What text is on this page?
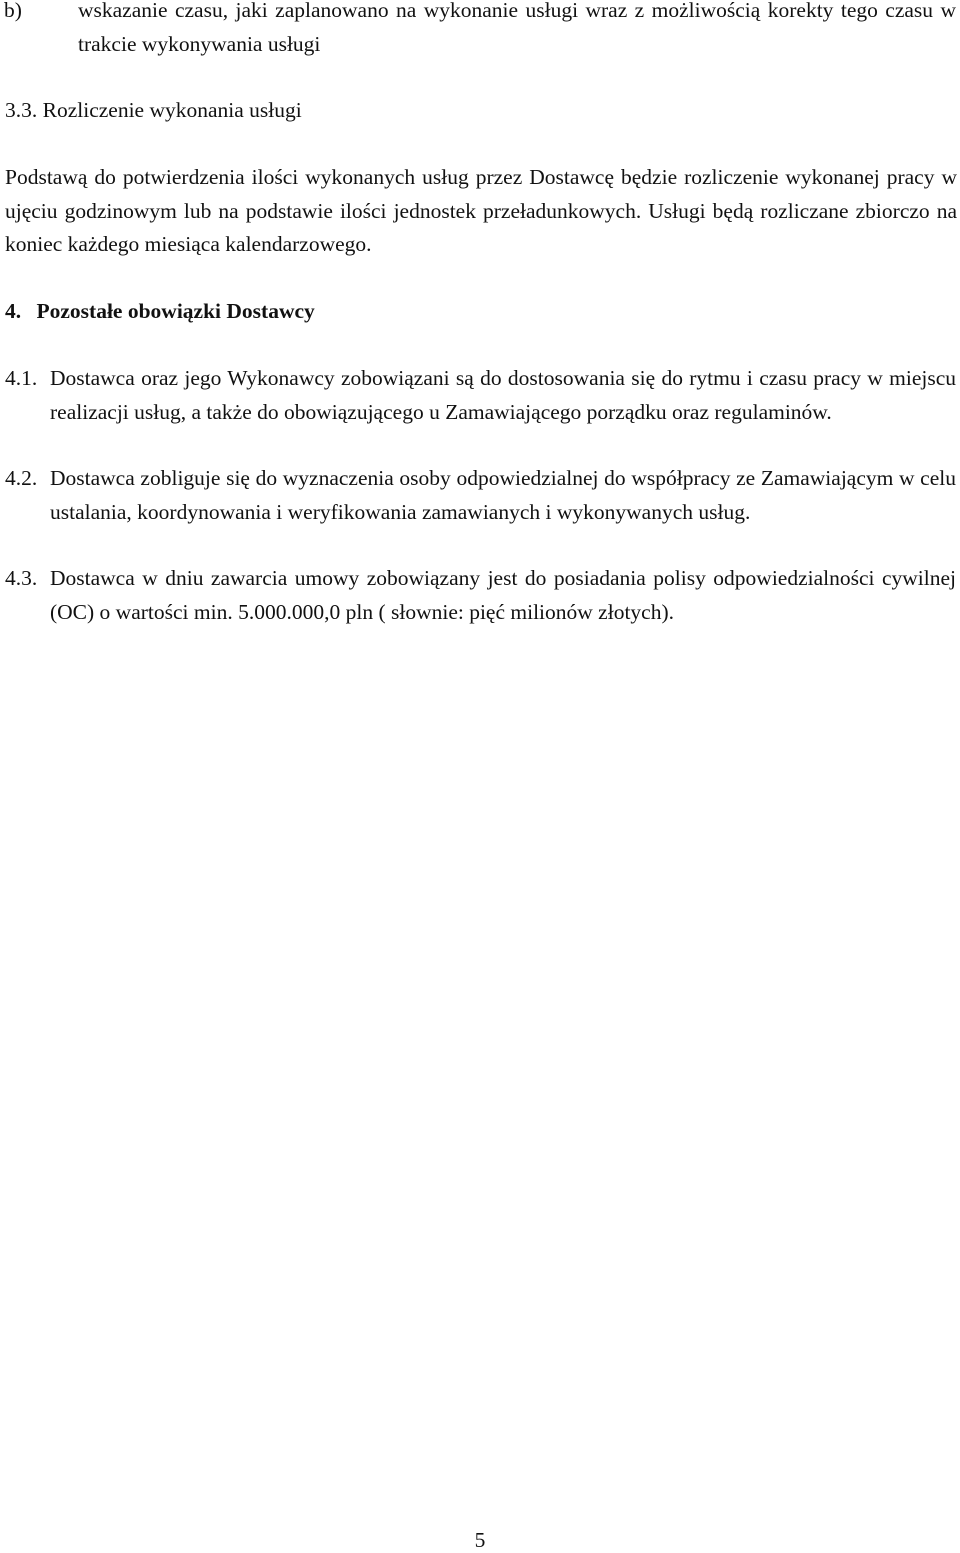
b)	wskazanie czasu, jaki zaplanowano na wykonanie usługi wraz z możliwością korekty tego czasu w trakcie wykonywania usługi
3.3. Rozliczenie wykonania usługi
Podstawą do potwierdzenia ilości wykonanych usług przez Dostawcę będzie rozliczenie wykonanej pracy w ujęciu godzinowym lub na podstawie ilości jednostek przeładunkowych. Usługi będą rozliczane zbiorczo na koniec każdego miesiąca kalendarzowego.
4. Pozostałe obowiązki Dostawcy
4.1. Dostawca oraz jego Wykonawcy zobowiązani są do dostosowania się do rytmu i czasu pracy w miejscu realizacji usług, a także do obowiązującego u Zamawiającego porządku oraz regulaminów.
4.2. Dostawca zobliguje się do wyznaczenia osoby odpowiedzialnej do współpracy ze Zamawiającym w celu ustalania, koordynowania i weryfikowania zamawianych i wykonywanych usług.
4.3. Dostawca w dniu zawarcia umowy zobowiązany jest do posiadania polisy odpowiedzialności cywilnej (OC) o wartości min. 5.000.000,0 pln ( słownie: pięć milionów złotych).
5
